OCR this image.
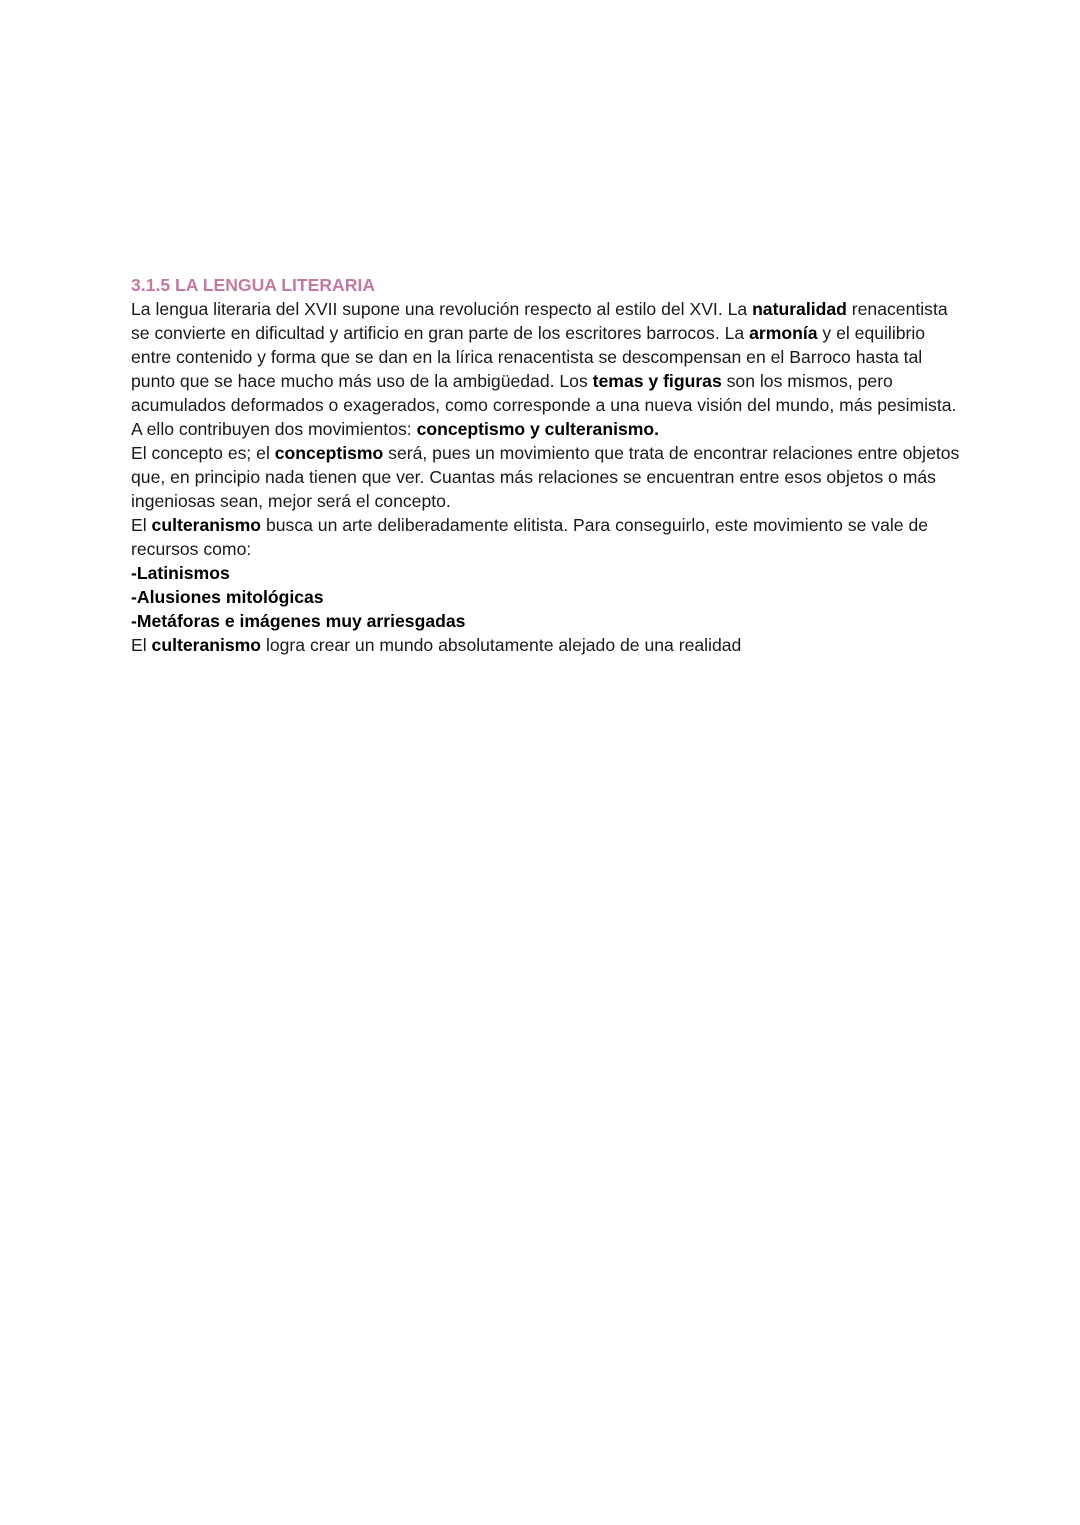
3.1.5 LA LENGUA LITERARIA

La lengua literaria del XVII supone una revolución respecto al estilo del XVI. La naturalidad renacentista se convierte en dificultad y artificio en gran parte de los escritores barrocos. La armonía y el equilibrio entre contenido y forma que se dan en la lírica renacentista se descompensan en el Barroco hasta tal punto que se hace mucho más uso de la ambigüedad. Los temas y figuras son los mismos, pero acumulados deformados o exagerados, como corresponde a una nueva visión del mundo, más pesimista. A ello contribuyen dos movimientos: conceptismo y culteranismo.

El concepto es; el conceptismo será, pues un movimiento que trata de encontrar relaciones entre objetos que, en principio nada tienen que ver. Cuantas más relaciones se encuentran entre esos objetos o más ingeniosas sean, mejor será el concepto.

El culteranismo busca un arte deliberadamente elitista. Para conseguirlo, este movimiento se vale de recursos como:

-Latinismos

-Alusiones mitológicas

-Metáforas e imágenes muy arriesgadas

El culteranismo logra crear un mundo absolutamente alejado de una realidad
